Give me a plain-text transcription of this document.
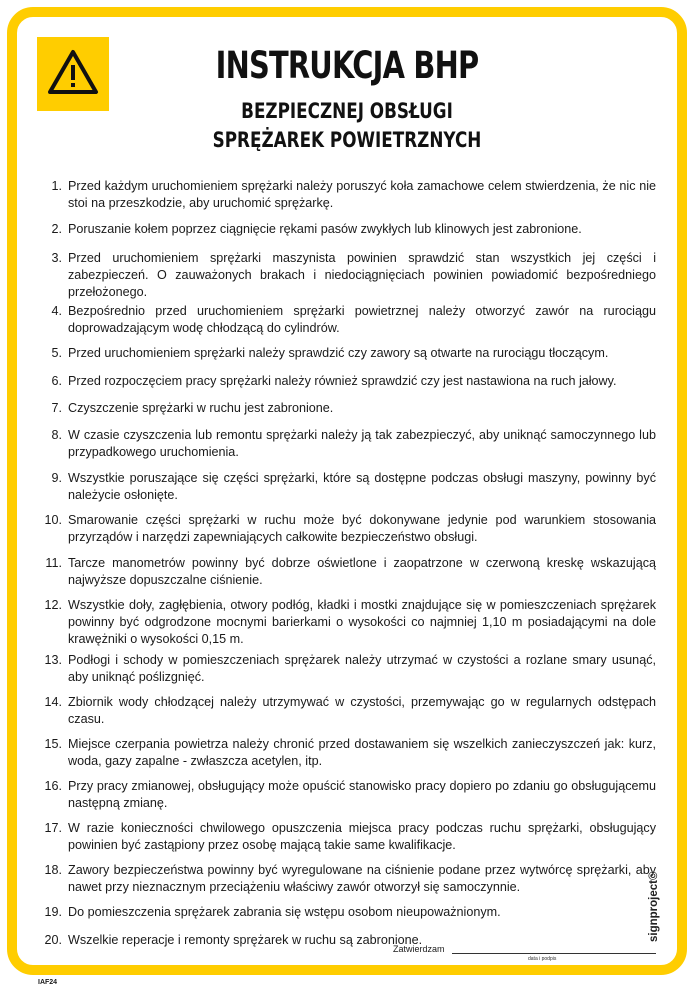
INSTRUKCJA BHP
BEZPIECZNEJ OBSŁUGI
SPRĘŻAREK POWIETRZNYCH
1. Przed każdym uruchomieniem sprężarki należy poruszyć koła zamachowe celem stwierdzenia, że nic nie stoi na przeszkodzie, aby uruchomić sprężarkę.
2. Poruszanie kołem poprzez ciągnięcie rękami pasów zwykłych lub klinowych jest zabronione.
3. Przed uruchomieniem sprężarki maszynista powinien sprawdzić stan wszystkich jej części i zabezpieczeń. O zauważonych brakach i niedociągnięciach powinien powiadomić bezpośredniego przełożonego.
4. Bezpośrednio przed uruchomieniem sprężarki powietrznej należy otworzyć zawór na rurociągu doprowadzającym wodę chłodzącą do cylindrów.
5. Przed uruchomieniem sprężarki należy sprawdzić czy zawory są otwarte na rurociągu tłoczącym.
6. Przed rozpoczęciem pracy sprężarki należy również sprawdzić czy jest nastawiona na ruch jałowy.
7. Czyszczenie sprężarki w ruchu jest zabronione.
8. W czasie czyszczenia lub remontu sprężarki należy ją tak zabezpieczyć, aby uniknąć samoczynnego lub przypadkowego uruchomienia.
9. Wszystkie poruszające się części sprężarki, które są dostępne podczas obsługi maszyny, powinny być należycie osłonięte.
10. Smarowanie części sprężarki w ruchu może być dokonywane jedynie pod warunkiem stosowania przyrządów i narzędzi zapewniających całkowite bezpieczeństwo obsługi.
11. Tarcze manometrów powinny być dobrze oświetlone i zaopatrzone w czerwoną kreskę wskazującą najwyższe dopuszczalne ciśnienie.
12. Wszystkie doły, zagłębienia, otwory podłóg, kładki i mostki znajdujące się w pomieszczeniach sprężarek powinny być odgrodzone mocnymi barierkami o wysokości co najmniej 1,10 m posiadającymi na dole krawężniki o wysokości 0,15 m.
13. Podłogi i schody w pomieszczeniach sprężarek należy utrzymać w czystości a rozlane smary usunąć, aby uniknąć poślizgnięć.
14. Zbiornik wody chłodzącej należy utrzymywać w czystości, przemywając go w regularnych odstępach czasu.
15. Miejsce czerpania powietrza należy chronić przed dostawaniem się wszelkich zanieczyszczeń jak: kurz, woda, gazy zapalne - zwłaszcza acetylen, itp.
16. Przy pracy zmianowej, obsługujący może opuścić stanowisko pracy dopiero po zdaniu go obsługującemu następną zmianę.
17. W razie konieczności chwilowego opuszczenia miejsca pracy podczas ruchu sprężarki, obsługujący powinien być zastąpiony przez osobę mającą takie same kwalifikacje.
18. Zawory bezpieczeństwa powinny być wyregulowane na ciśnienie podane przez wytwórcę sprężarki, aby nawet przy nieznacznym przeciążeniu właściwy zawór otworzył się samoczynnie.
19. Do pomieszczenia sprężarek zabrania się wstępu osobom nieupoważnionym.
20. Wszelkie reperacje i remonty sprężarek w ruchu są zabronione.
Zatwierdzam
data i podpis
IAF24
signproject©
